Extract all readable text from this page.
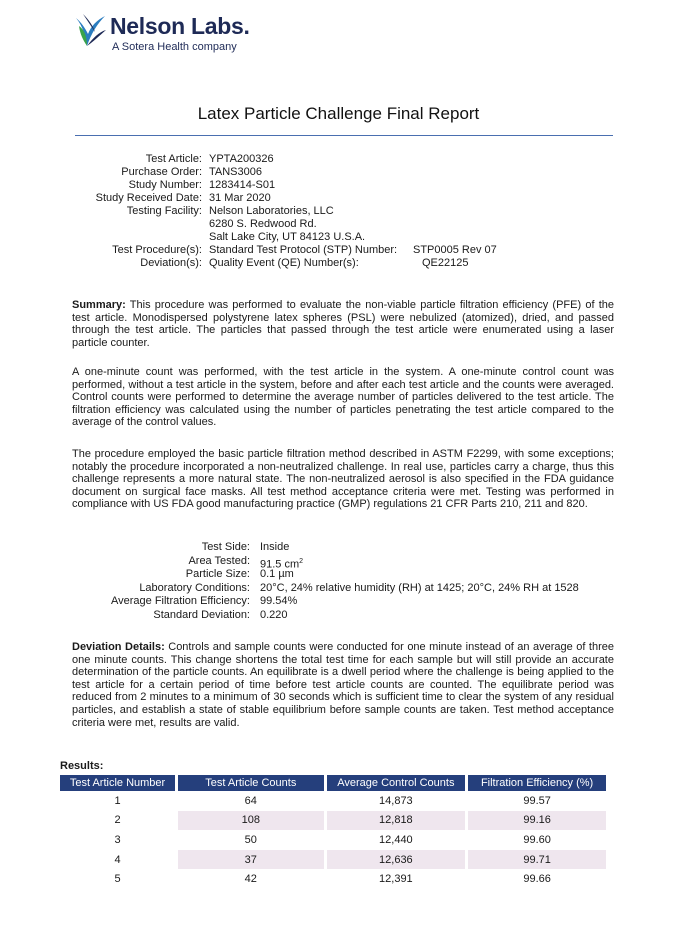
Nelson Labs.
A Sotera Health company
Latex Particle Challenge Final Report
Test Article: YPTA200326
Purchase Order: TANS3006
Study Number: 1283414-S01
Study Received Date: 31 Mar 2020
Testing Facility: Nelson Laboratories, LLC
6280 S. Redwood Rd.
Salt Lake City, UT 84123 U.S.A.
Test Procedure(s): Standard Test Protocol (STP) Number: STP0005 Rev 07
Deviation(s): Quality Event (QE) Number(s):	QE22125
Summary: This procedure was performed to evaluate the non-viable particle filtration efficiency (PFE) of the test article. Monodispersed polystyrene latex spheres (PSL) were nebulized (atomized), dried, and passed through the test article. The particles that passed through the test article were enumerated using a laser particle counter.
A one-minute count was performed, with the test article in the system. A one-minute control count was performed, without a test article in the system, before and after each test article and the counts were averaged. Control counts were performed to determine the average number of particles delivered to the test article. The filtration efficiency was calculated using the number of particles penetrating the test article compared to the average of the control values.
The procedure employed the basic particle filtration method described in ASTM F2299, with some exceptions; notably the procedure incorporated a non-neutralized challenge. In real use, particles carry a charge, thus this challenge represents a more natural state. The non-neutralized aerosol is also specified in the FDA guidance document on surgical face masks. All test method acceptance criteria were met. Testing was performed in compliance with US FDA good manufacturing practice (GMP) regulations 21 CFR Parts 210, 211 and 820.
Test Side: Inside
Area Tested: 91.5 $cm^2$
Particle Size: 0.1 µm
Laboratory Conditions: 20°C, 24% relative humidity (RH) at 1425; 20°C, 24% RH at 1528
Average Filtration Efficiency: 99.54%
Standard Deviation: 0.220
Deviation Details: Controls and sample counts were conducted for one minute instead of an average of three one minute counts. This change shortens the total test time for each sample but will still provide an accurate determination of the particle counts. An equilibrate is a dwell period where the challenge is being applied to the test article for a certain period of time before test article counts are counted. The equilibrate period was reduced from 2 minutes to a minimum of 30 seconds which is sufficient time to clear the system of any residual particles, and establish a state of stable equilibrium before sample counts are taken. Test method acceptance criteria were met, results are valid.
Results:
Test Article Number	Test Article Counts	Average Control Counts	Filtration Efficiency (%)
1	64	14,873	99.57
2	108	12,818	99.16
3	50	12,440	99.60
4	37	12,636	99.71
5	42	12,391	99.66
